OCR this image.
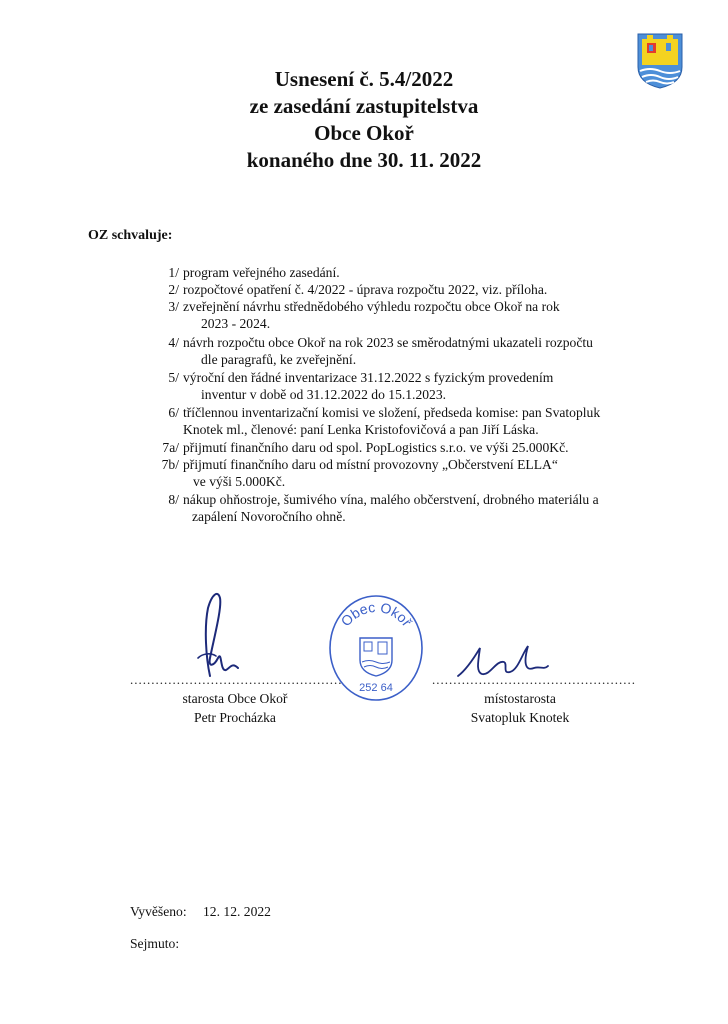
Usnesení č. 5.4/2022
ze zasedání zastupitelstva
Obce Okoř
konaného dne 30. 11. 2022
OZ schvaluje:
1/ program veřejného zasedání.
2/ rozpočtové opatření č. 4/2022 - úprava rozpočtu 2022, viz. příloha.
3/ zveřejnění návrhu střednědobého výhledu rozpočtu obce Okoř na rok
2023 - 2024.
4/ návrh rozpočtu obce Okoř na rok 2023 se směrodatnými ukazateli rozpočtu
dle paragrafů, ke zveřejnění.
5/ výroční den řádné inventarizace 31.12.2022 s fyzickým provedením
inventur v době od 31.12.2022 do 15.1.2023.
6/ tříčlennou inventarizační komisi ve složení, předseda komise: pan Svatopluk
Knotek ml., členové: paní Lenka Kristofovičová a pan Jiří Láska.
7a/ přijmutí finančního daru od spol. PopLogistics s.r.o. ve výši 25.000Kč.
7b/ přijmutí finančního daru od místní provozovny „Občerstvení ELLA“
ve výši 5.000Kč.
8/ nákup ohňostroje, šumivého vína, malého občerstvení, drobného materiálu a
zapálení Novoročního ohně.
..................................................
starosta Obce Okoř
Petr Procházka
Obec Okoř
252 64
................................................
místostarosta
Svatopluk Knotek
Vyvěšeno: 12. 12. 2022
Sejmuto:
